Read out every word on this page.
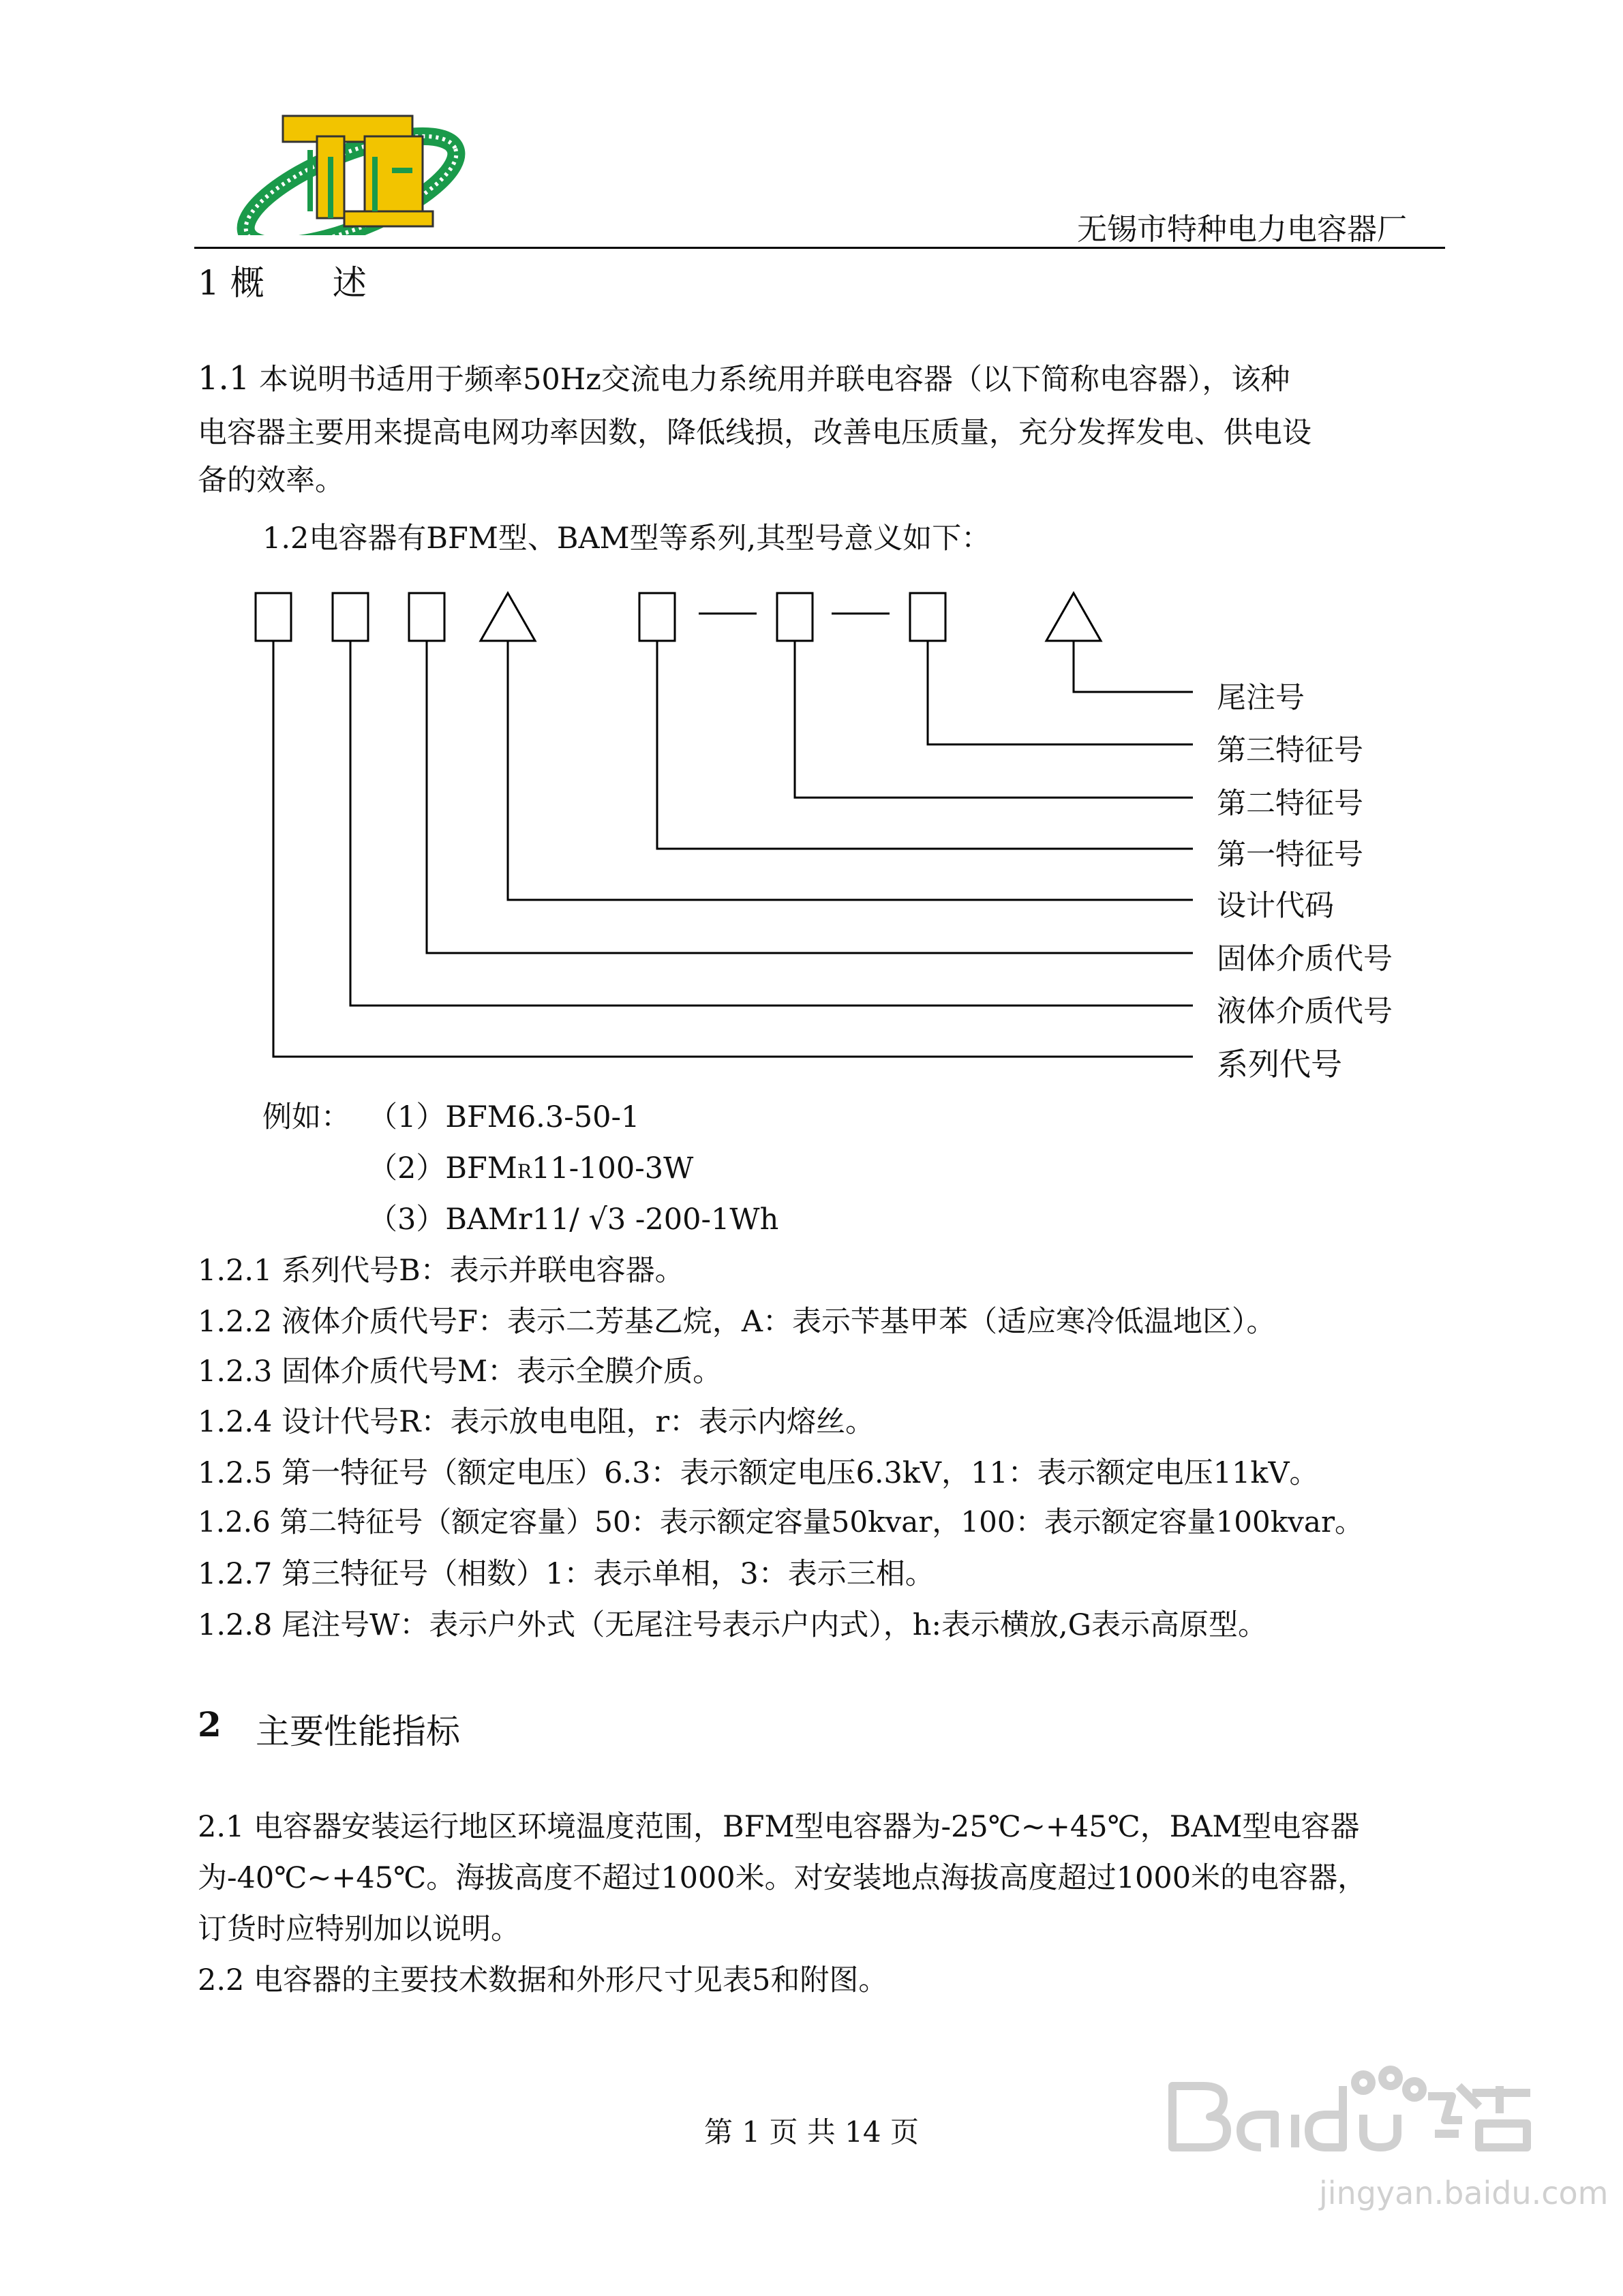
无锡市特种电力电容器厂
1 概　　述
1.1 本说明书适用于频率50Hz交流电力系统用并联电容器（以下简称电容器），该种
电容器主要用来提高电网功率因数，降低线损，改善电压质量，充分发挥发电、供电设
备的效率。
1.2电容器有BFM型、BAM型等系列,其型号意义如下：
尾注号
第三特征号
第二特征号
第一特征号
设计代码
固体介质代号
液体介质代号
系列代号
例如： （1）BFM6.3-50-1
（2）BFMR11-100-3W
（3）BAMr11/ √3 -200-1Wh
1.2.1 系列代号B：表示并联电容器。
1.2.2 液体介质代号F：表示二芳基乙烷，A：表示苄基甲苯（适应寒冷低温地区）。
1.2.3 固体介质代号M：表示全膜介质。
1.2.4 设计代号R：表示放电电阻，r：表示内熔丝。
1.2.5 第一特征号（额定电压）6.3：表示额定电压6.3kV，11：表示额定电压11kV。
1.2.6 第二特征号（额定容量）50：表示额定容量50kvar，100：表示额定容量100kvar。
1.2.7 第三特征号（相数）1：表示单相，3：表示三相。
1.2.8 尾注号W：表示户外式（无尾注号表示户内式），h:表示横放,G表示高原型。
2 主要性能指标
2.1 电容器安装运行地区环境温度范围，BFM型电容器为-25℃~+45℃，BAM型电容器
为-40℃~+45℃。海拔高度不超过1000米。对安装地点海拔高度超过1000米的电容器，
订货时应特别加以说明。
2.2 电容器的主要技术数据和外形尺寸见表5和附图。
第 1 页 共 14 页
jingyan.baidu.com
